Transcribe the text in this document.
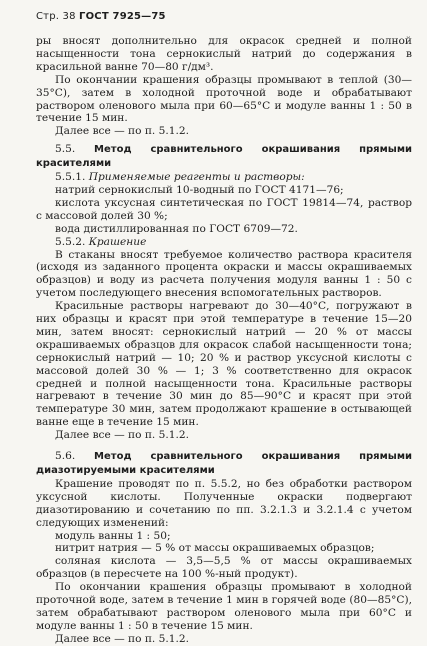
Стр. 38 ГОСТ 7925—75

ры вносят дополнительно для окрасок средней и полной насыщенности тона сернокислый натрий до содержания в красильной ванне 70—80 г/дм³.

По окончании крашения образцы промывают в теплой (30—35°С), затем в холодной проточной воде и обрабатывают раствором оленового мыла при 60—65°С и модуле ванны 1 : 50 в течение 15 мин.

Далее все — по п. 5.1.2.

5.5. Метод сравнительного окрашивания прямыми красителями

5.5.1. Применяемые реагенты и растворы:

натрий сернокислый 10-водный по ГОСТ 4171—76;

кислота уксусная синтетическая по ГОСТ 19814—74, раствор с массовой долей 30 %;

вода дистиллированная по ГОСТ 6709—72.

5.5.2. Крашение

В стаканы вносят требуемое количество раствора красителя (исходя из заданного процента окраски и массы окрашиваемых образцов) и воду из расчета получения модуля ванны 1 : 50 с учетом последующего внесения вспомогательных растворов.

Красильные растворы нагревают до 30—40°С, погружают в них образцы и красят при этой температуре в течение 15—20 мин, затем вносят: сернокислый натрий — 20 % от массы окрашиваемых образцов для окрасок слабой насыщенности тона; сернокислый натрий — 10; 20 % и раствор уксусной кислоты с массовой долей 30 % — 1; 3 % соответственно для окрасок средней и полной насыщенности тона. Красильные растворы нагревают в течение 30 мин до 85—90°С и красят при этой температуре 30 мин, затем продолжают крашение в остывающей ванне еще в течение 15 мин.

Далее все — по п. 5.1.2.

5.6. Метод сравнительного окрашивания прямыми диазотируемыми красителями

Крашение проводят по п. 5.5.2, но без обработки раствором уксусной кислоты. Полученные окраски подвергают диазотированию и сочетанию по пп. 3.2.1.3 и 3.2.1.4 с учетом следующих изменений:

модуль ванны 1 : 50;

нитрит натрия — 5 % от массы окрашиваемых образцов;

соляная кислота — 3,5—5,5 % от массы окрашиваемых образцов (в пересчете на 100 %-ный продукт).

По окончании крашения образцы промывают в холодной проточной воде, затем в течение 1 мин в горячей воде (80—85°С), затем обрабатывают раствором оленового мыла при 60°С и модуле ванны 1 : 50 в течение 15 мин.

Далее все — по п. 5.1.2.
